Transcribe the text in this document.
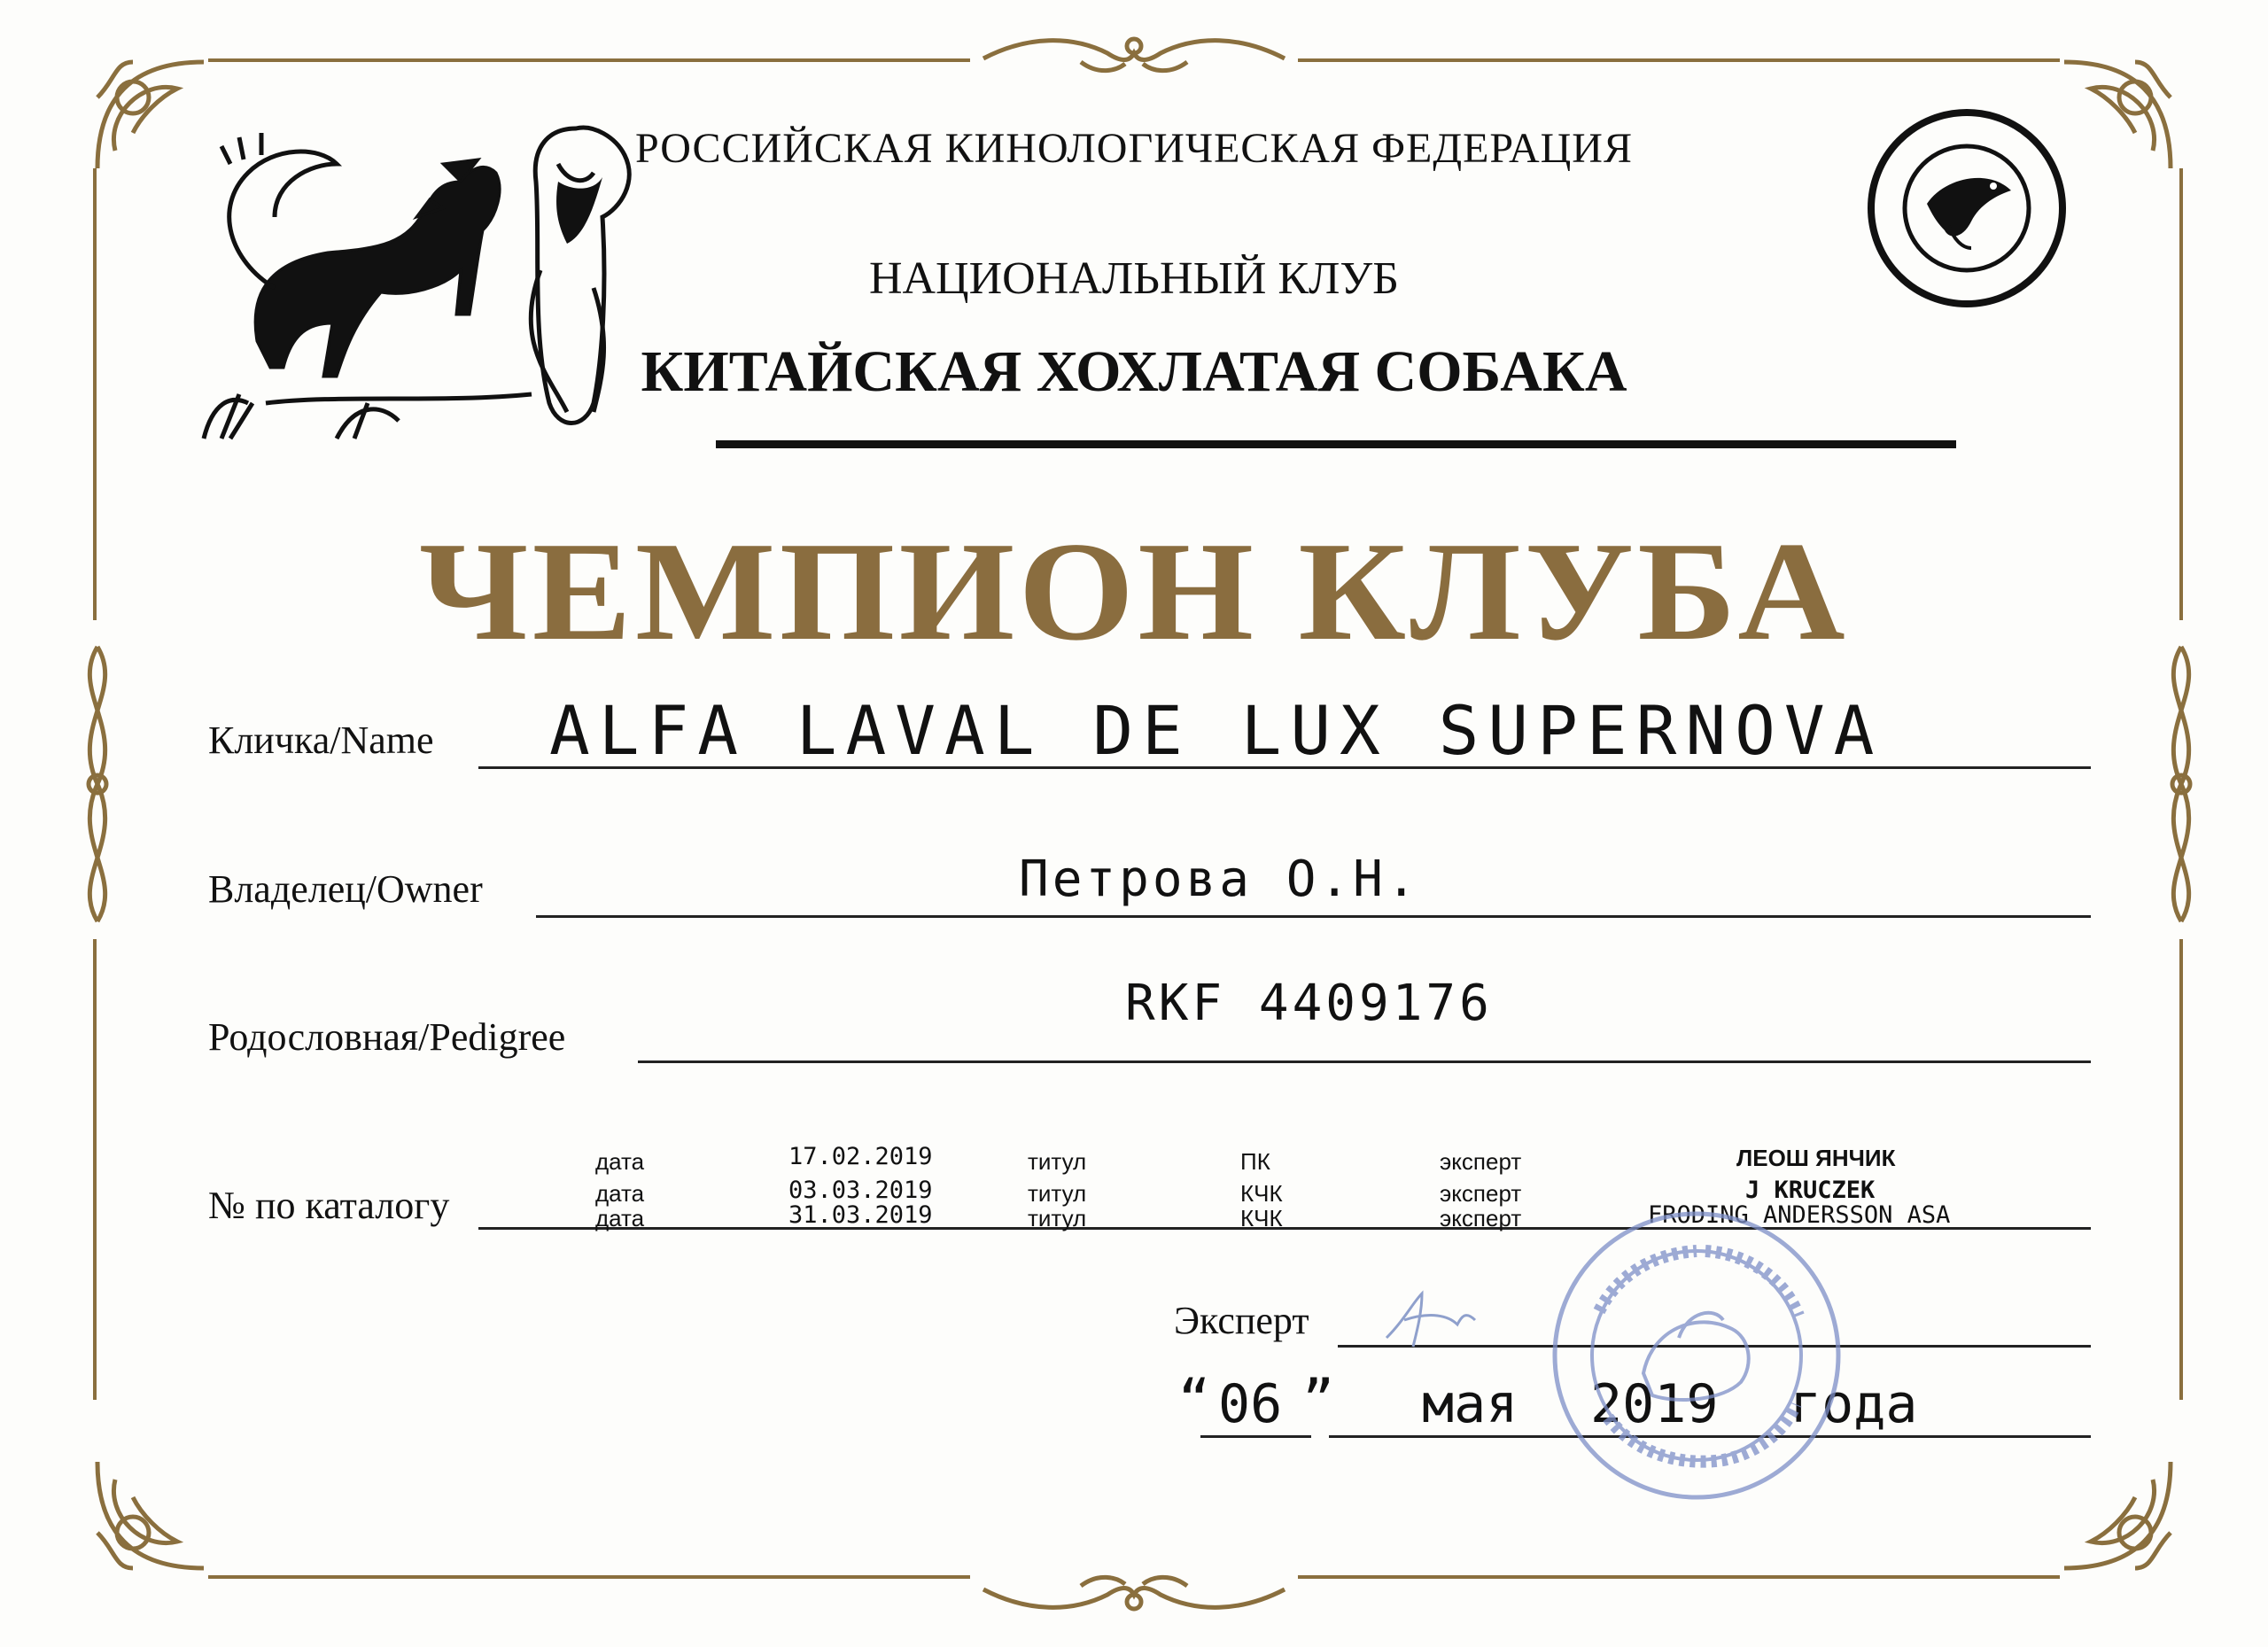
РОССИЙСКАЯ КИНОЛОГИЧЕСКАЯ ФЕДЕРАЦИЯ
НАЦИОНАЛЬНЫЙ КЛУБ
КИТАЙСКАЯ ХОХЛАТАЯ СОБАКА
ЧЕМПИОН КЛУБА
Кличка/Name ALFA LAVAL DE LUX SUPERNOVA
Владелец/Owner	Петрова О.Н.
Родословная/Pedigree
RKF 4409176
№ по каталогу
дата	17.02.2019	титул	ПК	эксперт	ЛЕОШ ЯНЧИК
дата	03.03.2019	титул	КЧК	эксперт	J KRUCZEK
дата	31.03.2019	титул	КЧК	эксперт	FRODING ANDERSSON ASA
Эксперт
“ 06 ” мая 2019 года
